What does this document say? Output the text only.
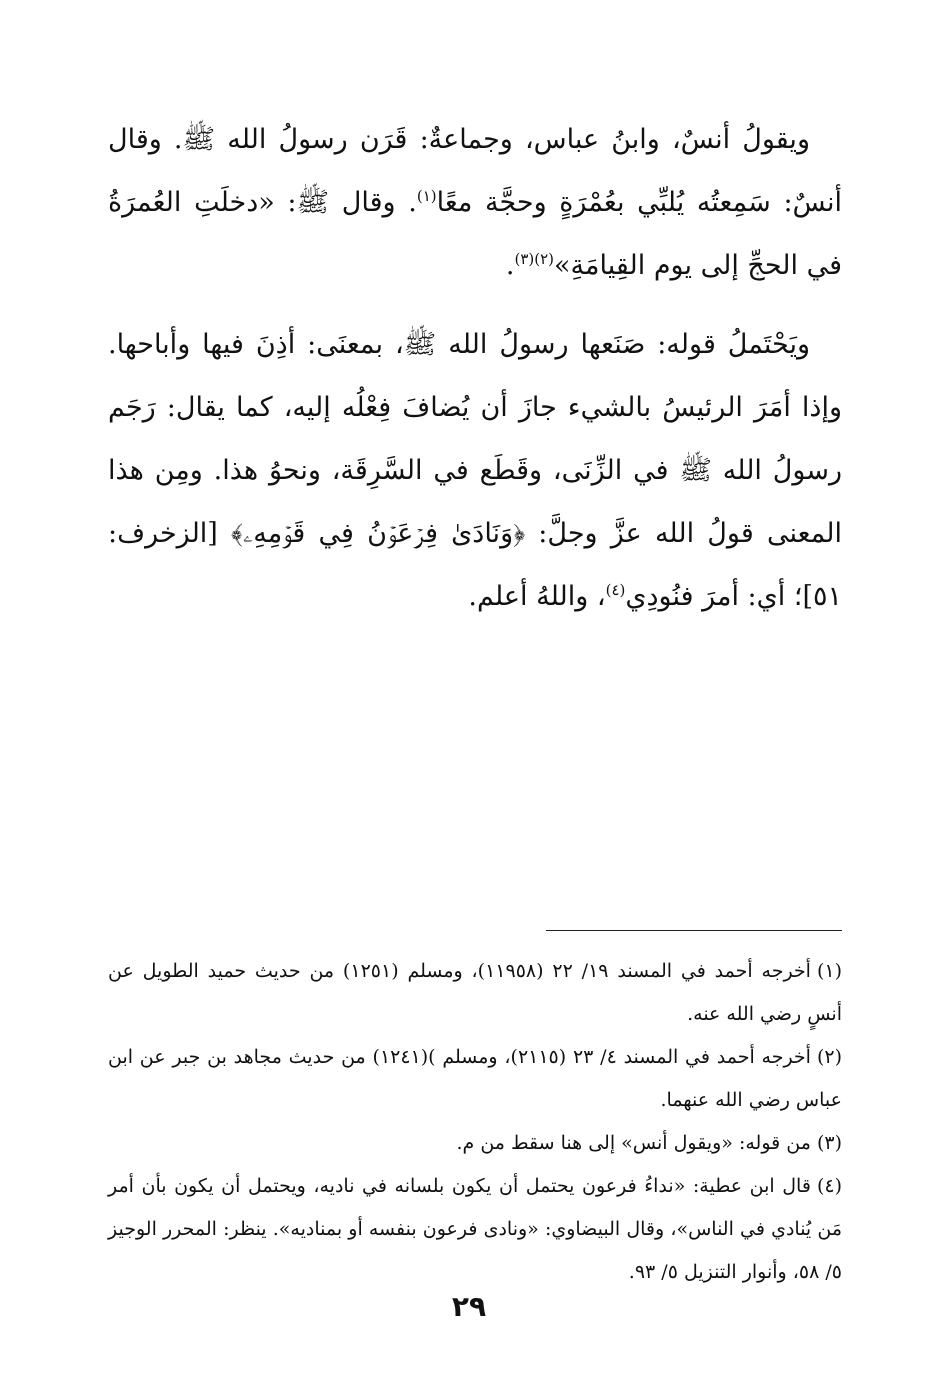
ويقولُ أنسٌ، وابنُ عباس، وجماعةٌ: قَرَن رسولُ الله ﷺ. وقال أنسٌ: سَمِعتُه يُلبِّي بعُمْرَةٍ وحجَّة معًا$^{(١)}$. وقال ﷺ: «دخلَتِ العُمرَةُ في الحجِّ إلى يوم القِيامَةِ»$^{(٢)(٣)}$.

ويَحْتَملُ قوله: صَنَعها رسولُ الله ﷺ، بمعنَى: أذِنَ فيها وأباحها. وإذا أمَرَ الرئيسُ بالشيء جازَ أن يُضافَ فِعْلُه إليه، كما يقال: رَجَم رسولُ الله ﷺ في الزِّنَى، وقَطَع في السَّرِقَة، ونحوُ هذا. ومِن هذا المعنى قولُ الله عزَّ وجلَّ: ﴿وَنَادَىٰ فِرۡعَوۡنُ فِي قَوۡمِهِۦ﴾ [الزخرف: ٥١]؛ أي: أمرَ فنُودِي$^{(٤)}$، واللهُ أعلم.

(١)أخرجه أحمد في المسند ١٩/ ٢٢ (١١٩٥٨)، ومسلم (١٢٥١) من حديث حميد الطويل عن أنسٍ رضي الله عنه.

(٢)أخرجه أحمد في المسند ٤/ ٢٣ (٢١١٥)، ومسلم )(١٢٤١) من حديث مجاهد بن جبر عن ابن عباس رضي الله عنهما.

(٣)من قوله: «ويقول أنس» إلى هنا سقط من م.

(٤)قال ابن عطية: «نداءُ فرعون يحتمل أن يكون بلسانه في ناديه، ويحتمل أن يكون بأن أمر مَن يُنادي في الناس»، وقال البيضاوي: «ونادى فرعون بنفسه أو بمناديه». ينظر: المحرر الوجيز ٥/ ٥٨، وأنوار التنزيل ٥/ ٩٣.

٢٩
